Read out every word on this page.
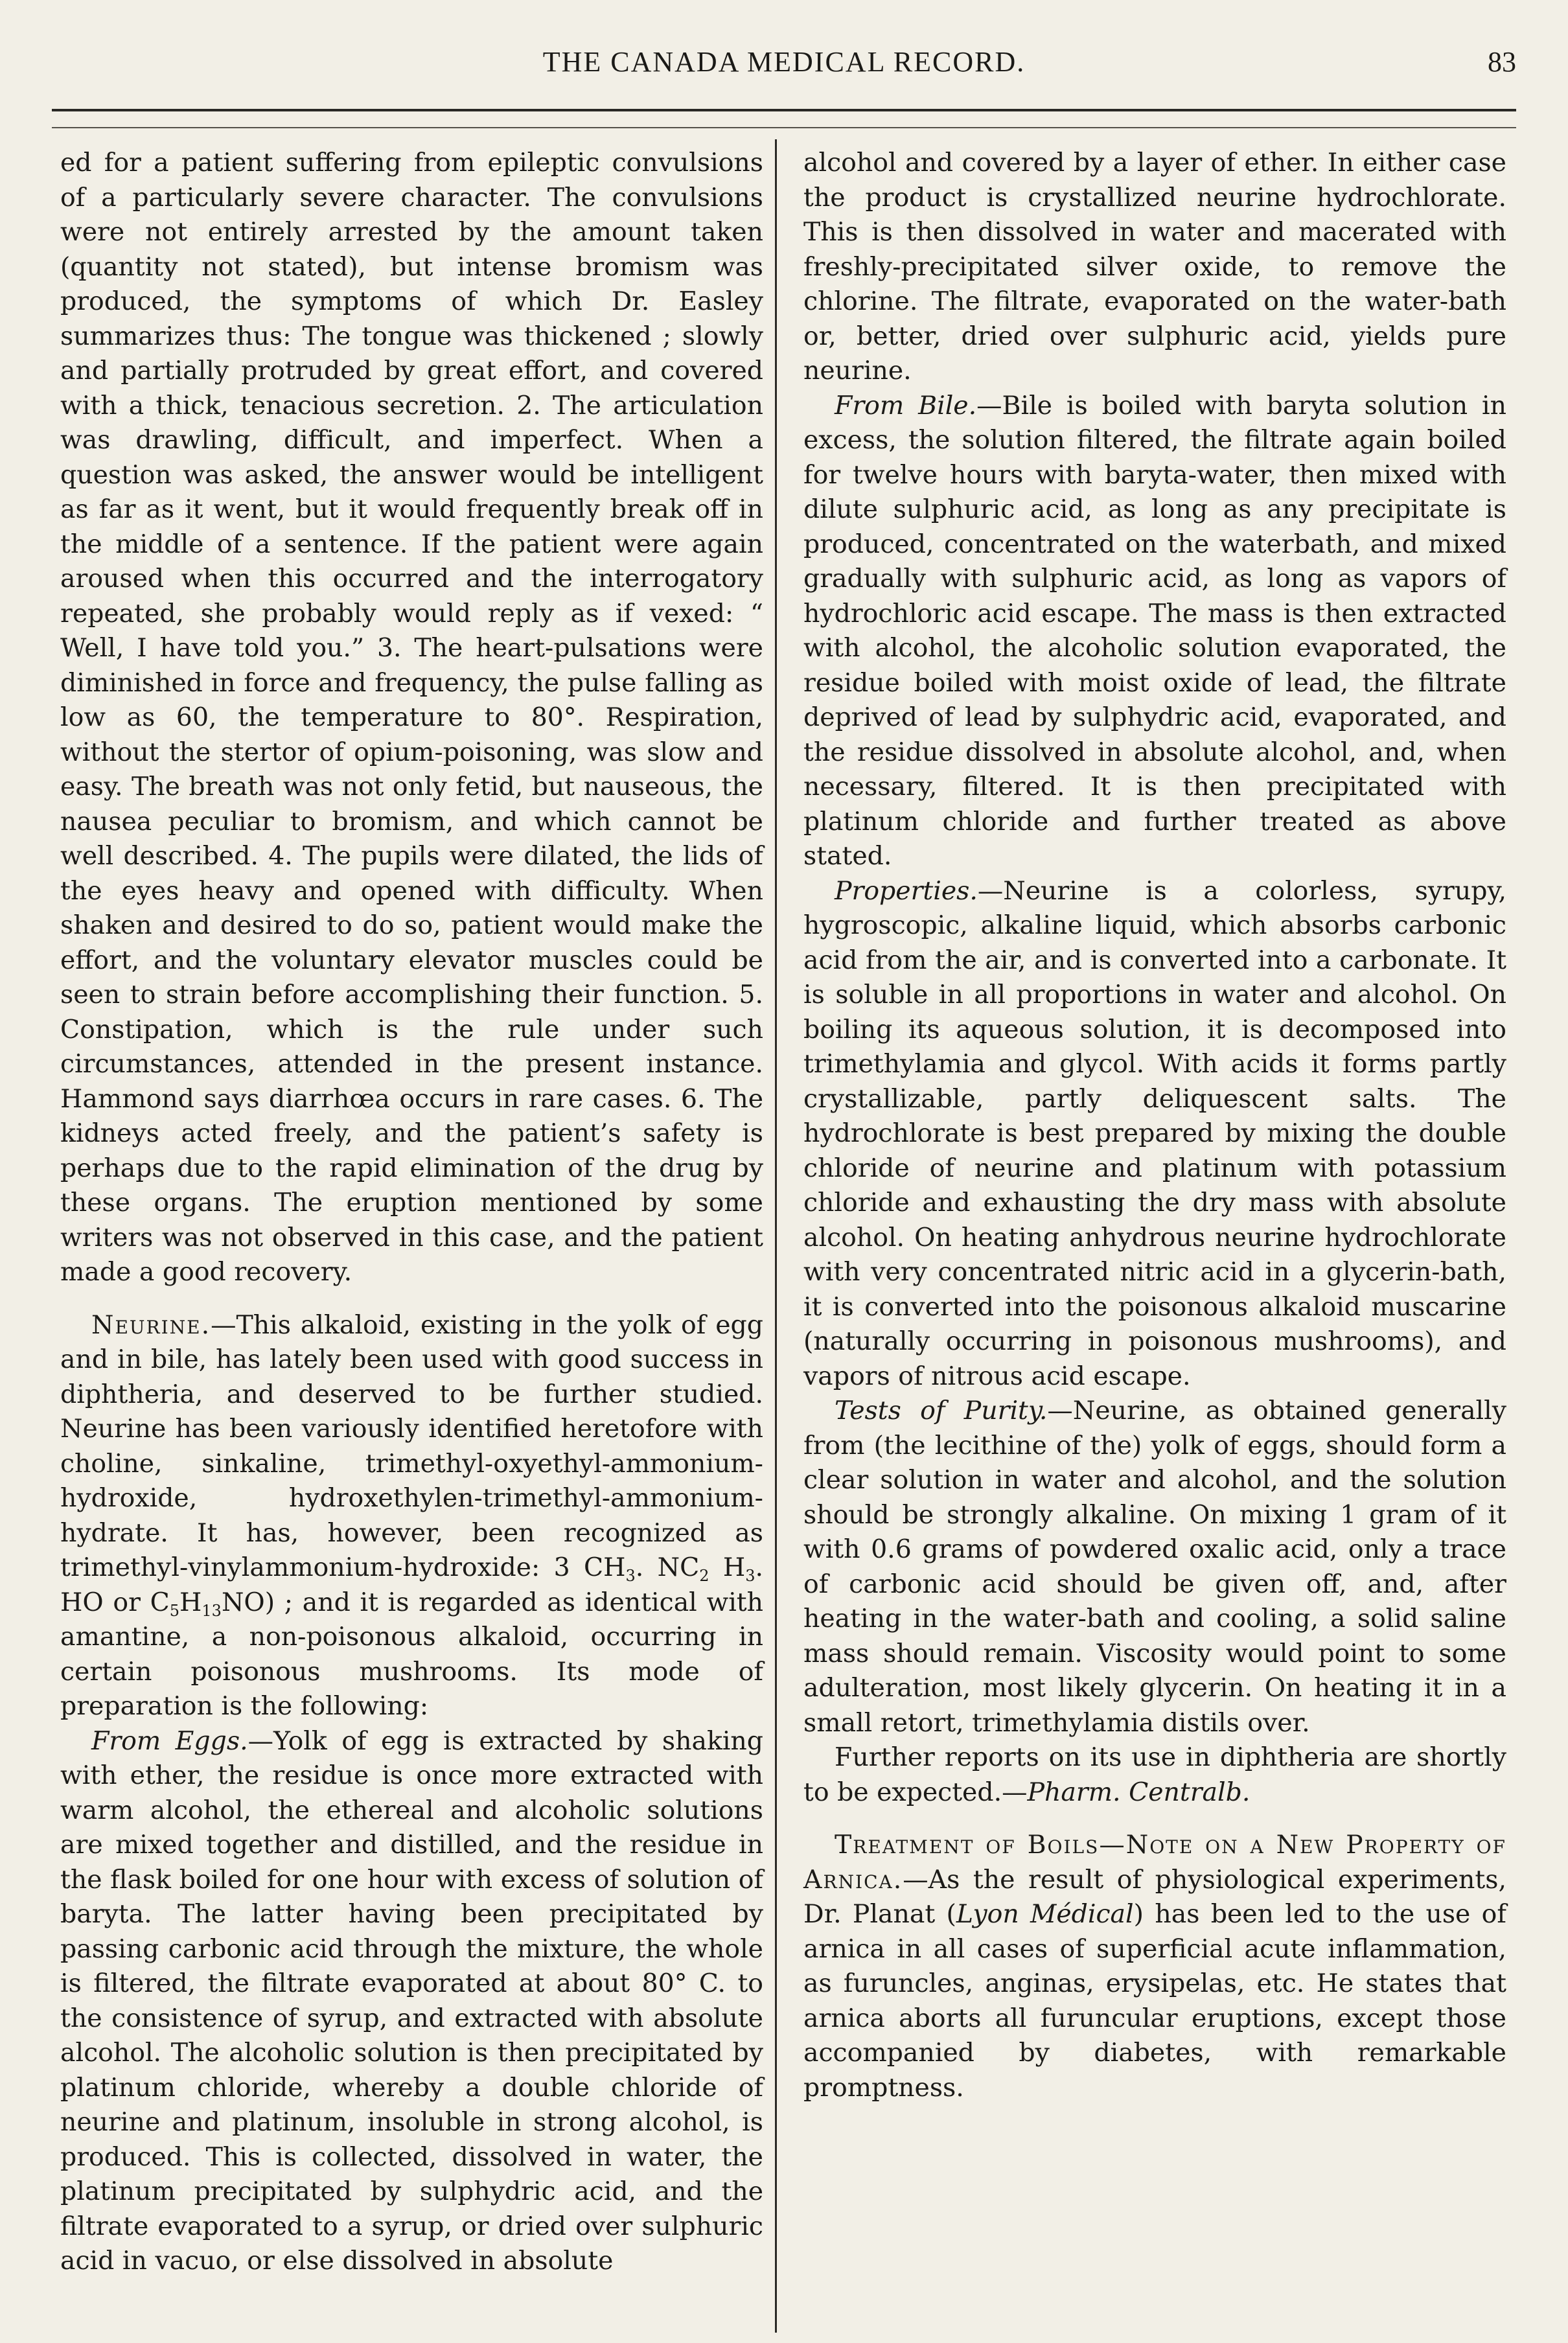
THE CANADA MEDICAL RECORD.	83

ed for a patient suffering from epileptic convulsions of a particularly severe character. The convulsions were not entirely arrested by the amount taken (quantity not stated), but intense bromism was produced, the symptoms of which Dr. Easley summarizes thus: The tongue was thickened ; slowly and partially protruded by great effort, and covered with a thick, tenacious secretion. 2. The articulation was drawling, difficult, and imperfect. When a question was asked, the answer would be intelligent as far as it went, but it would frequently break off in the middle of a sentence. If the patient were again aroused when this occurred and the interrogatory repeated, she probably would reply as if vexed: “ Well, I have told you.” 3. The heart-pulsations were diminished in force and frequency, the pulse falling as low as 60, the temperature to 80°. Respiration, without the stertor of opium-poisoning, was slow and easy. The breath was not only fetid, but nauseous, the nausea peculiar to bromism, and which cannot be well described. 4. The pupils were dilated, the lids of the eyes heavy and opened with difficulty. When shaken and desired to do so, patient would make the effort, and the voluntary elevator muscles could be seen to strain before accomplishing their function. 5. Constipation, which is the rule under such circumstances, attended in the present instance. Hammond says diarrhœa occurs in rare cases. 6. The kidneys acted freely, and the patient’s safety is perhaps due to the rapid elimination of the drug by these organs. The eruption mentioned by some writers was not observed in this case, and the patient made a good recovery.

Neurine.—This alkaloid, existing in the yolk of egg and in bile, has lately been used with good success in diphtheria, and deserved to be further studied. Neurine has been variously identified heretofore with choline, sinkaline, trimethyl-oxyethyl-ammonium-hydroxide, hydroxethylen-trimethyl-ammonium-hydrate. It has, however, been recognized as trimethyl-vinylammonium-hydroxide: 3 $CH_3$. $NC_2$ $H_3$. HO or $C_5H_{13}NO$) ; and it is regarded as identical with amantine, a non-poisonous alkaloid, occurring in certain poisonous mushrooms. Its mode of preparation is the following:

From Eggs.—Yolk of egg is extracted by shaking with ether, the residue is once more extracted with warm alcohol, the ethereal and alcoholic solutions are mixed together and distilled, and the residue in the flask boiled for one hour with excess of solution of baryta. The latter having been precipitated by passing carbonic acid through the mixture, the whole is filtered, the filtrate evaporated at about 80° C. to the consistence of syrup, and extracted with absolute alcohol. The alcoholic solution is then precipitated by platinum chloride, whereby a double chloride of neurine and platinum, insoluble in strong alcohol, is produced. This is collected, dissolved in water, the platinum precipitated by sulphydric acid, and the filtrate evaporated to a syrup, or dried over sulphuric acid in vacuo, or else dissolved in absolute

alcohol and covered by a layer of ether. In either case the product is crystallized neurine hydrochlorate. This is then dissolved in water and macerated with freshly-precipitated silver oxide, to remove the chlorine. The filtrate, evaporated on the water-bath or, better, dried over sulphuric acid, yields pure neurine.

From Bile.—Bile is boiled with baryta solution in excess, the solution filtered, the filtrate again boiled for twelve hours with baryta-water, then mixed with dilute sulphuric acid, as long as any precipitate is produced, concentrated on the waterbath, and mixed gradually with sulphuric acid, as long as vapors of hydrochloric acid escape. The mass is then extracted with alcohol, the alcoholic solution evaporated, the residue boiled with moist oxide of lead, the filtrate deprived of lead by sulphydric acid, evaporated, and the residue dissolved in absolute alcohol, and, when necessary, filtered. It is then precipitated with platinum chloride and further treated as above stated.

Properties.—Neurine is a colorless, syrupy, hygroscopic, alkaline liquid, which absorbs carbonic acid from the air, and is converted into a carbonate. It is soluble in all proportions in water and alcohol. On boiling its aqueous solution, it is decomposed into trimethylamia and glycol. With acids it forms partly crystallizable, partly deliquescent salts. The hydrochlorate is best prepared by mixing the double chloride of neurine and platinum with potassium chloride and exhausting the dry mass with absolute alcohol. On heating anhydrous neurine hydrochlorate with very concentrated nitric acid in a glycerin-bath, it is converted into the poisonous alkaloid muscarine (naturally occurring in poisonous mushrooms), and vapors of nitrous acid escape.

Tests of Purity.—Neurine, as obtained generally from (the lecithine of the) yolk of eggs, should form a clear solution in water and alcohol, and the solution should be strongly alkaline. On mixing 1 gram of it with 0.6 grams of powdered oxalic acid, only a trace of carbonic acid should be given off, and, after heating in the water-bath and cooling, a solid saline mass should remain. Viscosity would point to some adulteration, most likely glycerin. On heating it in a small retort, trimethylamia distils over.

Further reports on its use in diphtheria are shortly to be expected.—Pharm. Centralb.

Treatment of Boils—Note on a New Property of Arnica.—As the result of physiological experiments, Dr. Planat (Lyon Médical) has been led to the use of arnica in all cases of superficial acute inflammation, as furuncles, anginas, erysipelas, etc. He states that arnica aborts all furuncular eruptions, except those accompanied by diabetes, with remarkable promptness.
